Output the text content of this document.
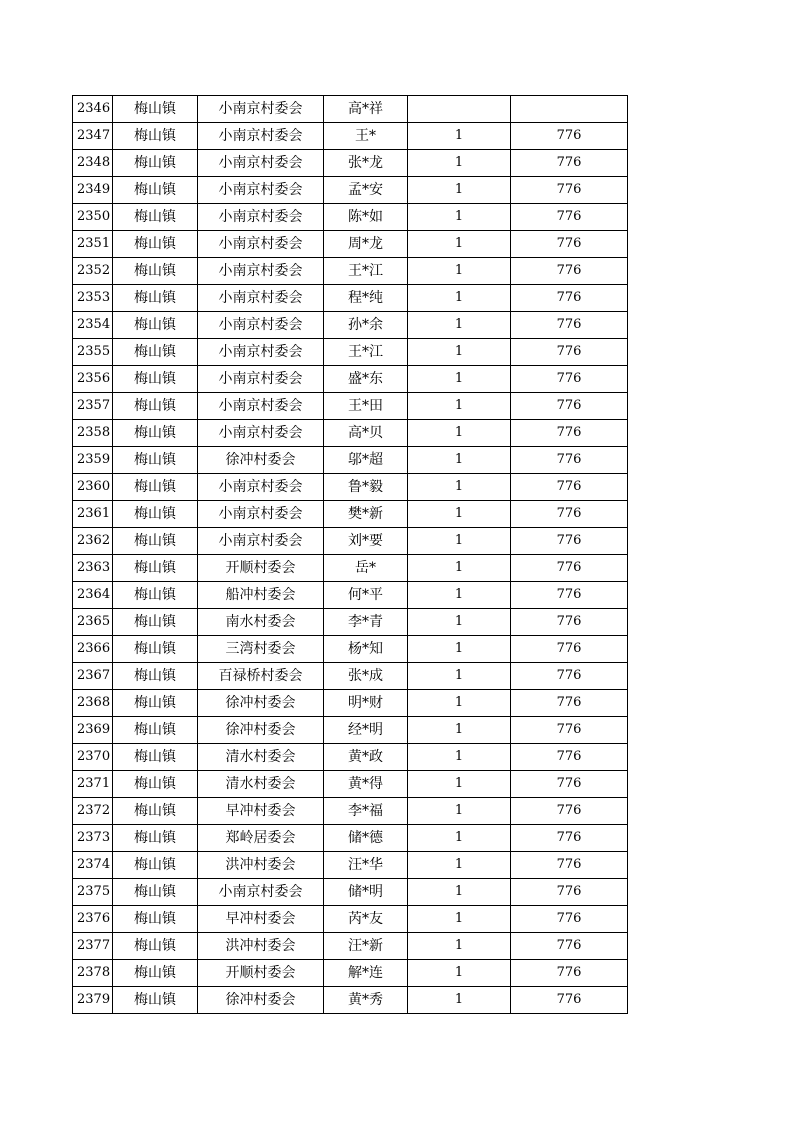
2346	梅山镇	小南京村委会	高*祥		
2347	梅山镇	小南京村委会	王*	1	776
2348	梅山镇	小南京村委会	张*龙	1	776
2349	梅山镇	小南京村委会	孟*安	1	776
2350	梅山镇	小南京村委会	陈*如	1	776
2351	梅山镇	小南京村委会	周*龙	1	776
2352	梅山镇	小南京村委会	王*江	1	776
2353	梅山镇	小南京村委会	程*纯	1	776
2354	梅山镇	小南京村委会	孙*余	1	776
2355	梅山镇	小南京村委会	王*江	1	776
2356	梅山镇	小南京村委会	盛*东	1	776
2357	梅山镇	小南京村委会	王*田	1	776
2358	梅山镇	小南京村委会	高*贝	1	776
2359	梅山镇	徐冲村委会	邬*超	1	776
2360	梅山镇	小南京村委会	鲁*毅	1	776
2361	梅山镇	小南京村委会	樊*新	1	776
2362	梅山镇	小南京村委会	刘*要	1	776
2363	梅山镇	开顺村委会	岳*	1	776
2364	梅山镇	船冲村委会	何*平	1	776
2365	梅山镇	南水村委会	李*青	1	776
2366	梅山镇	三湾村委会	杨*知	1	776
2367	梅山镇	百禄桥村委会	张*成	1	776
2368	梅山镇	徐冲村委会	明*财	1	776
2369	梅山镇	徐冲村委会	经*明	1	776
2370	梅山镇	清水村委会	黄*政	1	776
2371	梅山镇	清水村委会	黄*得	1	776
2372	梅山镇	早冲村委会	李*福	1	776
2373	梅山镇	郑岭居委会	储*德	1	776
2374	梅山镇	洪冲村委会	汪*华	1	776
2375	梅山镇	小南京村委会	储*明	1	776
2376	梅山镇	早冲村委会	芮*友	1	776
2377	梅山镇	洪冲村委会	汪*新	1	776
2378	梅山镇	开顺村委会	解*连	1	776
2379	梅山镇	徐冲村委会	黄*秀	1	776
